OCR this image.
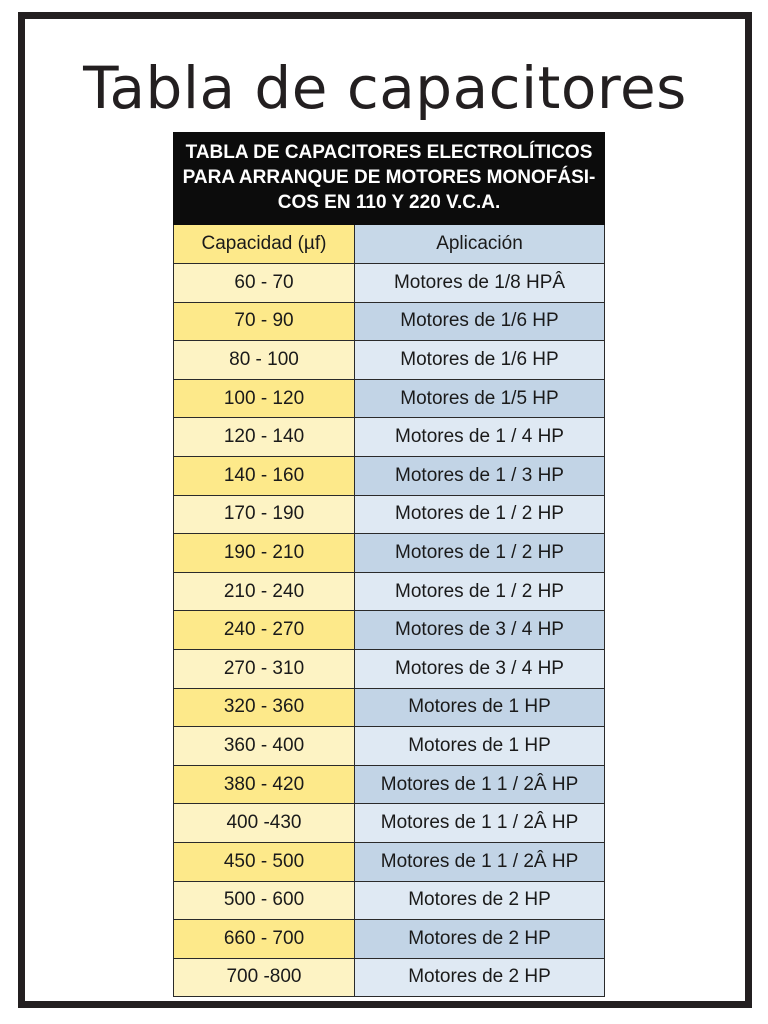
Tabla de capacitores
TABLA DE CAPACITORES ELECTROLÍTICOS
PARA ARRANQUE DE MOTORES MONOFÁSI-
COS EN 110 Y 220 V.C.A.
Capacidad (µf)	Aplicación
60 - 70	Motores de 1/8 HPÂ
70 - 90	Motores de 1/6 HP
80 - 100	Motores de 1/6 HP
100 - 120	Motores de 1/5 HP
120 - 140	Motores de 1 / 4 HP
140 - 160	Motores de 1 / 3 HP
170 - 190	Motores de 1 / 2 HP
190 - 210	Motores de 1 / 2 HP
210 - 240	Motores de 1 / 2 HP
240 - 270	Motores de 3 / 4 HP
270 - 310	Motores de 3 / 4 HP
320 - 360	Motores de 1 HP
360 - 400	Motores de 1 HP
380 - 420	Motores de 1 1 / 2Â HP
400 -430	Motores de 1 1 / 2Â HP
450 - 500	Motores de 1 1 / 2Â HP
500 - 600	Motores de 2 HP
660 - 700	Motores de 2 HP
700 -800	Motores de 2 HP
